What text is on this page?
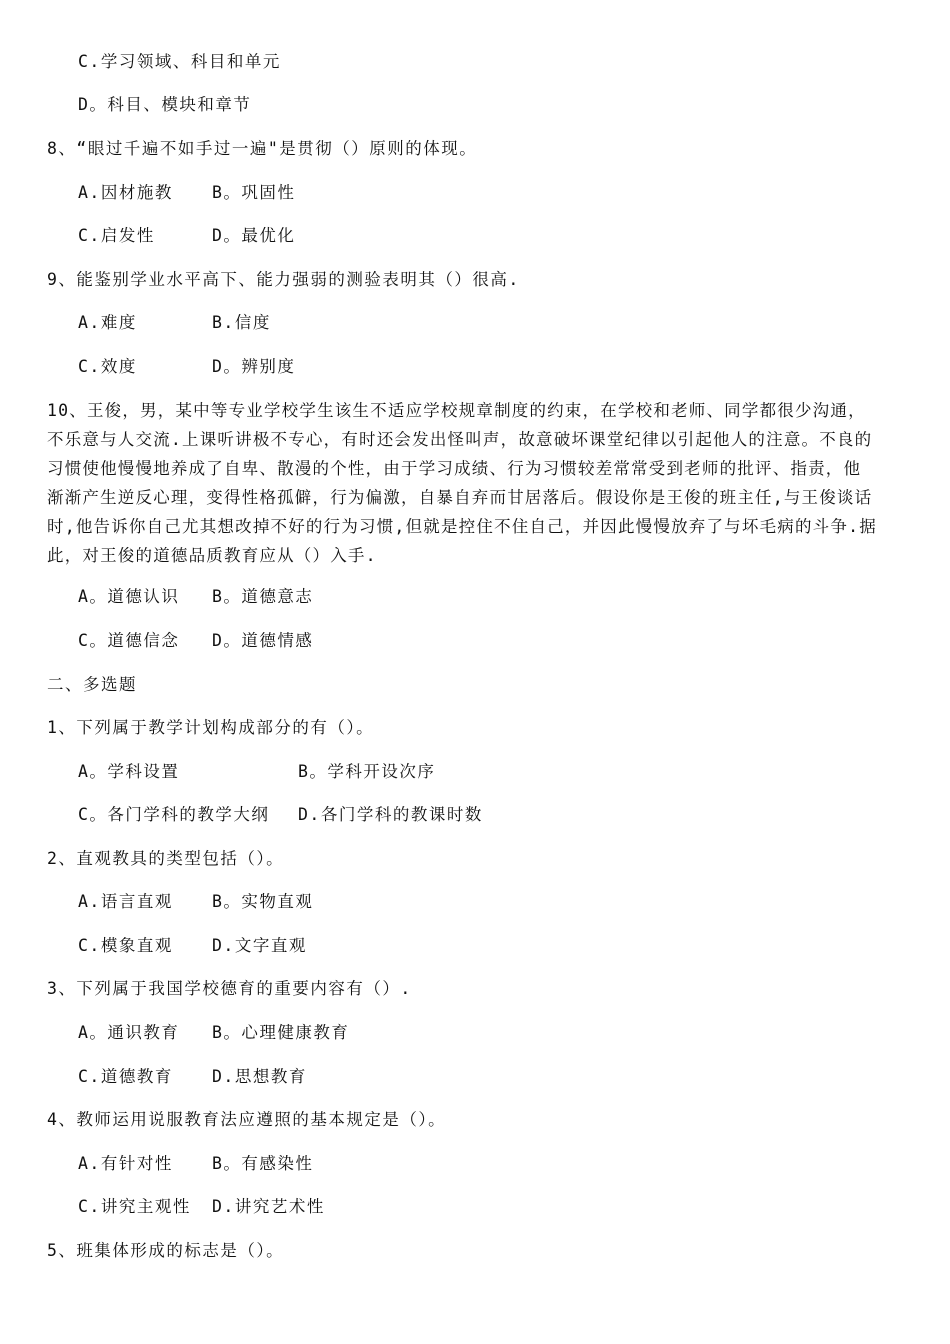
C.学习领域、科目和单元
D。科目、模块和章节
8、“眼过千遍不如手过一遍"是贯彻（）原则的体现。
A.因材施教 B。巩固性
C.启发性	D。最优化
9、能鉴别学业水平高下、能力强弱的测验表明其（）很高.
A.难度	B.信度
C.效度	D。辨别度
10、王俊，男，某中等专业学校学生该生不适应学校规章制度的约束，在学校和老师、同学都很少沟通，
不乐意与人交流.上课听讲极不专心，有时还会发出怪叫声，故意破坏课堂纪律以引起他人的注意。不良的
习惯使他慢慢地养成了自卑、散漫的个性，由于学习成绩、行为习惯较差常常受到老师的批评、指责，他
渐渐产生逆反心理，变得性格孤僻，行为偏激，自暴自弃而甘居落后。假设你是王俊的班主任,与王俊谈话
时,他告诉你自己尤其想改掉不好的行为习惯,但就是控住不住自己，并因此慢慢放弃了与坏毛病的斗争.据
此，对王俊的道德品质教育应从（）入手.
A。道德认识 B。道德意志
C。道德信念 D。道德情感
二、多选题
1、下列属于教学计划构成部分的有（）。
A。学科设置	B。学科开设次序
C。各门学科的教学大纲 D.各门学科的教课时数
2、直观教具的类型包括（）。
A.语言直观 B。实物直观
C.模象直观 D.文字直观
3、下列属于我国学校德育的重要内容有（）.
A。通识教育 B。心理健康教育
C.道德教育 D.思想教育
4、教师运用说服教育法应遵照的基本规定是（）。
A.有针对性 B。有感染性
C.讲究主观性 D.讲究艺术性
5、班集体形成的标志是（）。
